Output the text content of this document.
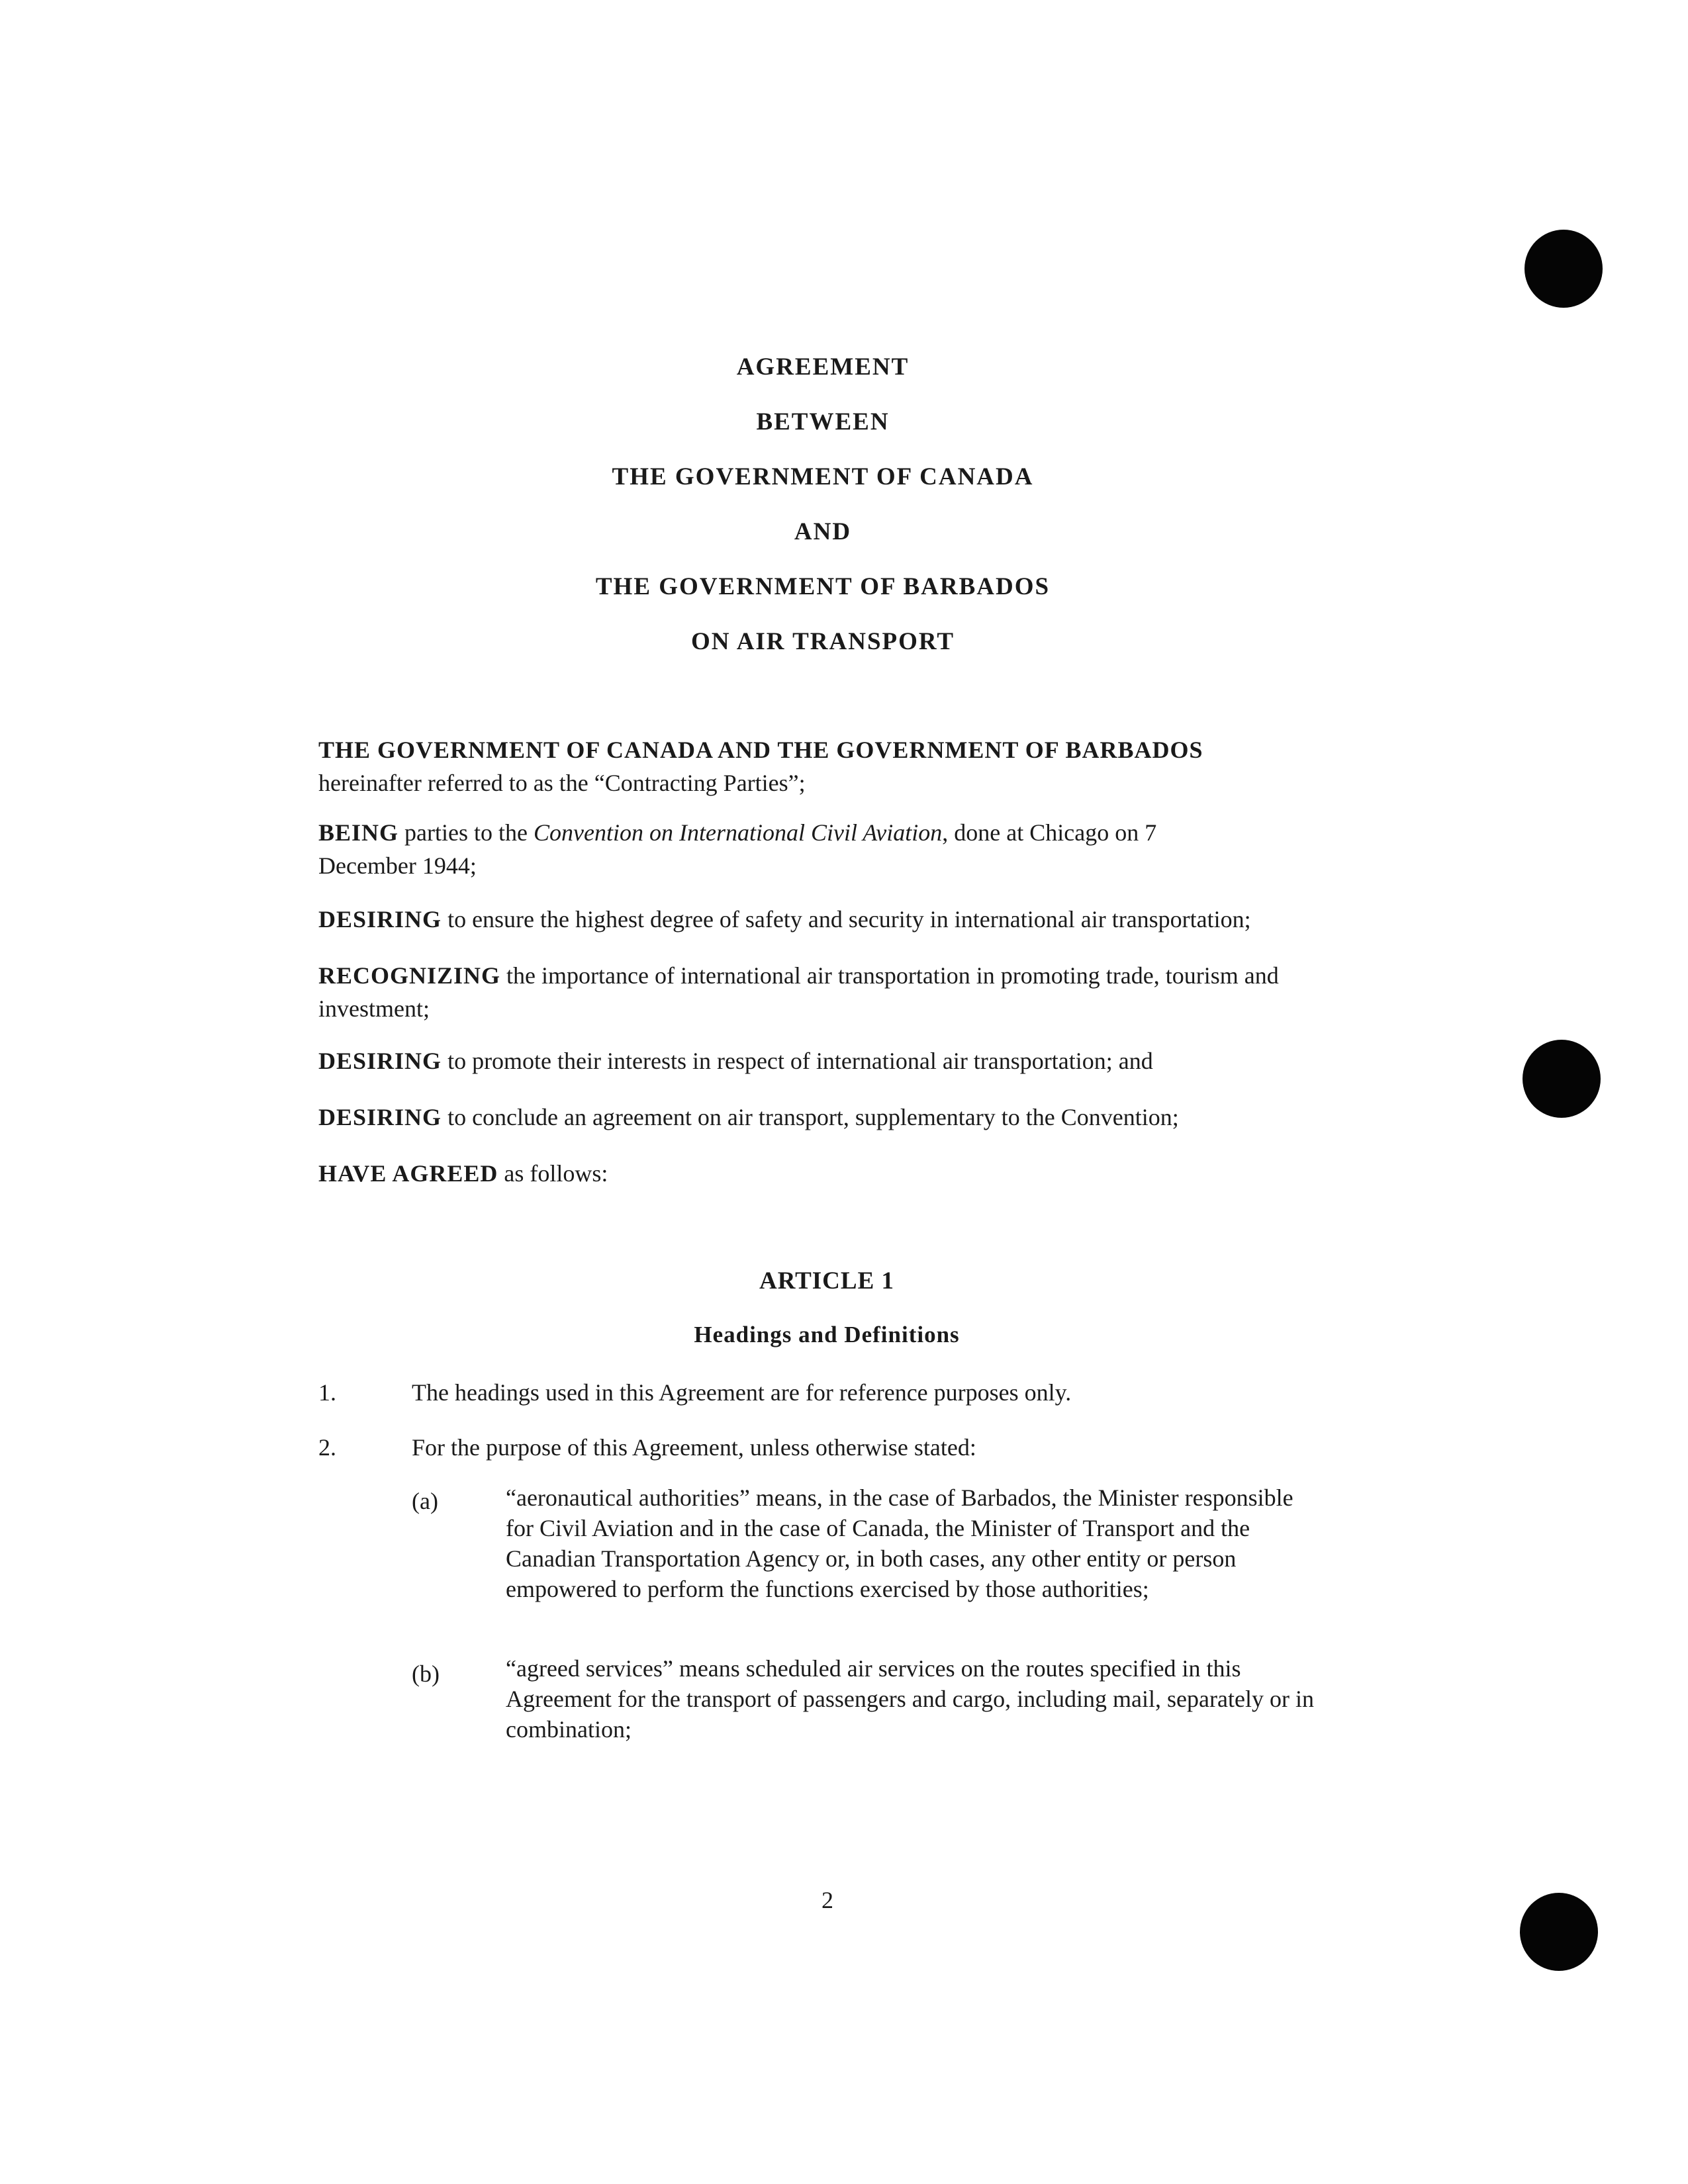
AGREEMENT
BETWEEN
THE GOVERNMENT OF CANADA
AND
THE GOVERNMENT OF BARBADOS
ON AIR TRANSPORT
THE GOVERNMENT OF CANADA AND THE GOVERNMENT OF BARBADOS
hereinafter referred to as the “Contracting Parties”;
BEING parties to the Convention on International Civil Aviation, done at Chicago on 7 December 1944;
DESIRING to ensure the highest degree of safety and security in international air transportation;
RECOGNIZING the importance of international air transportation in promoting trade, tourism and investment;
DESIRING to promote their interests in respect of international air transportation; and
DESIRING to conclude an agreement on air transport, supplementary to the Convention;
HAVE AGREED as follows:
ARTICLE 1
Headings and Definitions
1.	The headings used in this Agreement are for reference purposes only.
2.	For the purpose of this Agreement, unless otherwise stated:
(a)	“aeronautical authorities” means, in the case of Barbados, the Minister responsible for Civil Aviation and in the case of Canada, the Minister of Transport and the Canadian Transportation Agency or, in both cases, any other entity or person empowered to perform the functions exercised by those authorities;
(b)	“agreed services” means scheduled air services on the routes specified in this Agreement for the transport of passengers and cargo, including mail, separately or in combination;
2
